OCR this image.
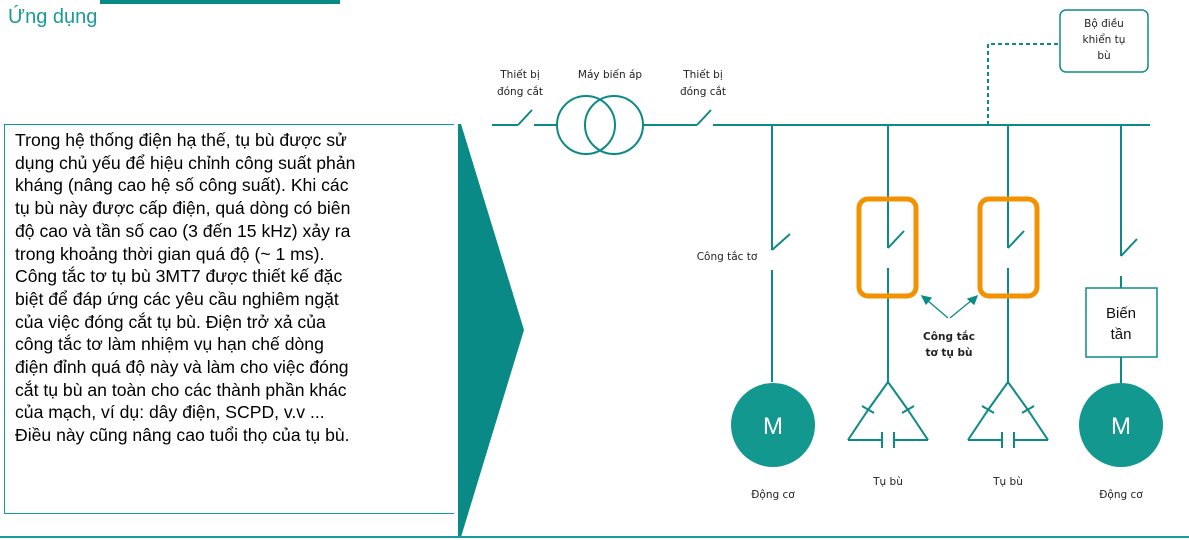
Ứng dụng

Trong hệ thống điện hạ thế, tụ bù được sử

dụng chủ yếu để hiệu chỉnh công suất phản

kháng (nâng cao hệ số công suất). Khi các

tụ bù này được cấp điện, quá dòng có biên

độ cao và tần số cao (3 đến 15 kHz) xảy ra

trong khoảng thời gian quá độ (~ 1 ms).

Công tắc tơ tụ bù 3MT7 được thiết kế đặc

biệt để đáp ứng các yêu cầu nghiêm ngặt

của việc đóng cắt tụ bù. Điện trở xả của

công tắc tơ làm nhiệm vụ hạn chế dòng

điện đỉnh quá độ này và làm cho việc đóng

cắt tụ bù an toàn cho các thành phần khác

của mạch, ví dụ: dây điện, SCPD, v.v ...

Điều này cũng nâng cao tuổi thọ của tụ bù.

Bộ điều
khiển tụ
bù
Biến
tần
M	M
Thiết bị
đóng cắt
Máy biến áp	Thiết bị
đóng cắt
Công tắc tơ
Công tắc
tơ tụ bù
Động cơ
Tụ bù	Tụ bù
Động cơ
